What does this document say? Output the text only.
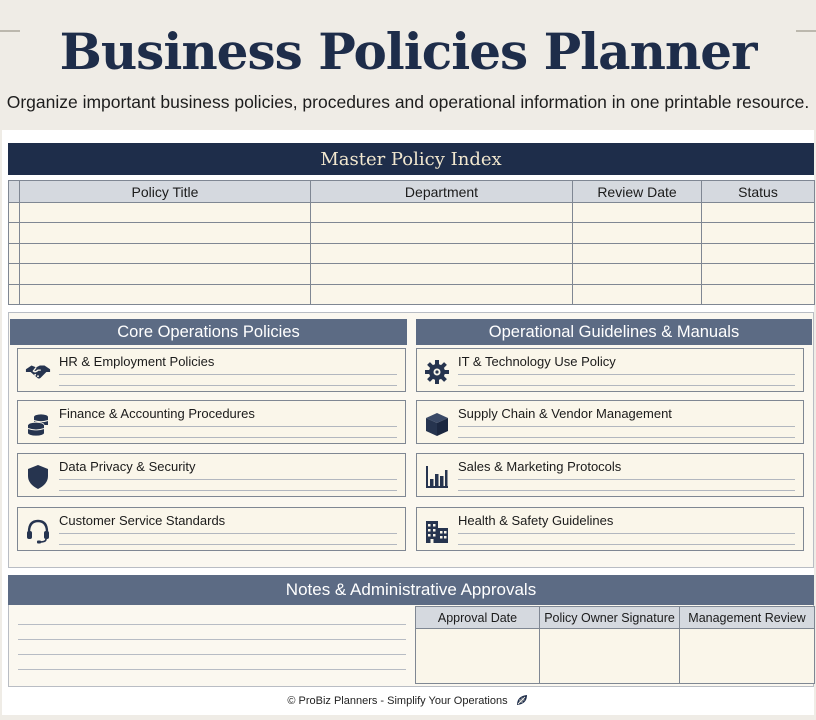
Business Policies Planner
Organize important business policies, procedures and operational information in one printable resource.
Master Policy Index
	Policy Title	Department	Review Date	Status

Core Operations Policies	Operational Guidelines & Manuals
HR & Employment Policies
Finance & Accounting Procedures
Data Privacy & Security
Customer Service Standards
IT & Technology Use Policy
Supply Chain & Vendor Management
Sales & Marketing Protocols
Health & Safety Guidelines
Notes & Administrative Approvals
Approval Date	Policy Owner Signature	Management Review

© ProBiz Planners - Simplify Your Operations
